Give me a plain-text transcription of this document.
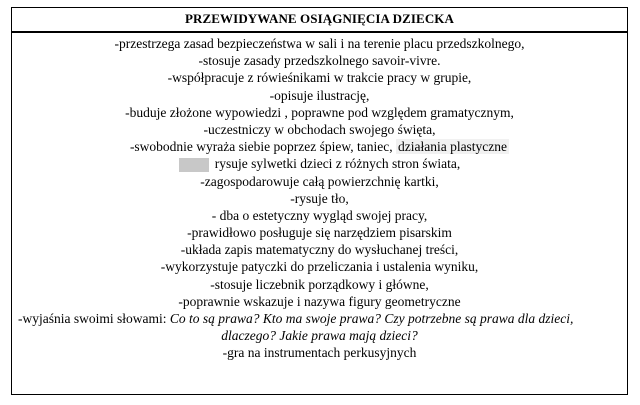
PRZEWIDYWANE OSIĄGNIĘCIA DZIECKA
-przestrzega zasad bezpieczeństwa w sali i na terenie placu przedszkolnego,
-stosuje zasady przedszkolnego savoir-vivre.
-współpracuje z rówieśnikami w trakcie pracy w grupie,
-opisuje ilustrację,
-buduje złożone wypowiedzi , poprawne pod względem gramatycznym,
-uczestniczy w obchodach swojego święta,
-swobodnie wyraża siebie poprzez śpiew, taniec, działania plastyczne
rysuje sylwetki dzieci z różnych stron świata,
-zagospodarowuje całą powierzchnię kartki,
-rysuje tło,
- dba o estetyczny wygląd swojej pracy,
-prawidłowo posługuje się narzędziem pisarskim
-układa zapis matematyczny do wysłuchanej treści,
-wykorzystuje patyczki do przeliczania i ustalenia wyniku,
-stosuje liczebnik porządkowy i główne,
-poprawnie wskazuje i nazywa figury geometryczne
-wyjaśnia swoimi słowami: Co to są prawa? Kto ma swoje prawa? Czy potrzebne są prawa dla dzieci,
dlaczego? Jakie prawa mają dzieci?
-gra na instrumentach perkusyjnych
